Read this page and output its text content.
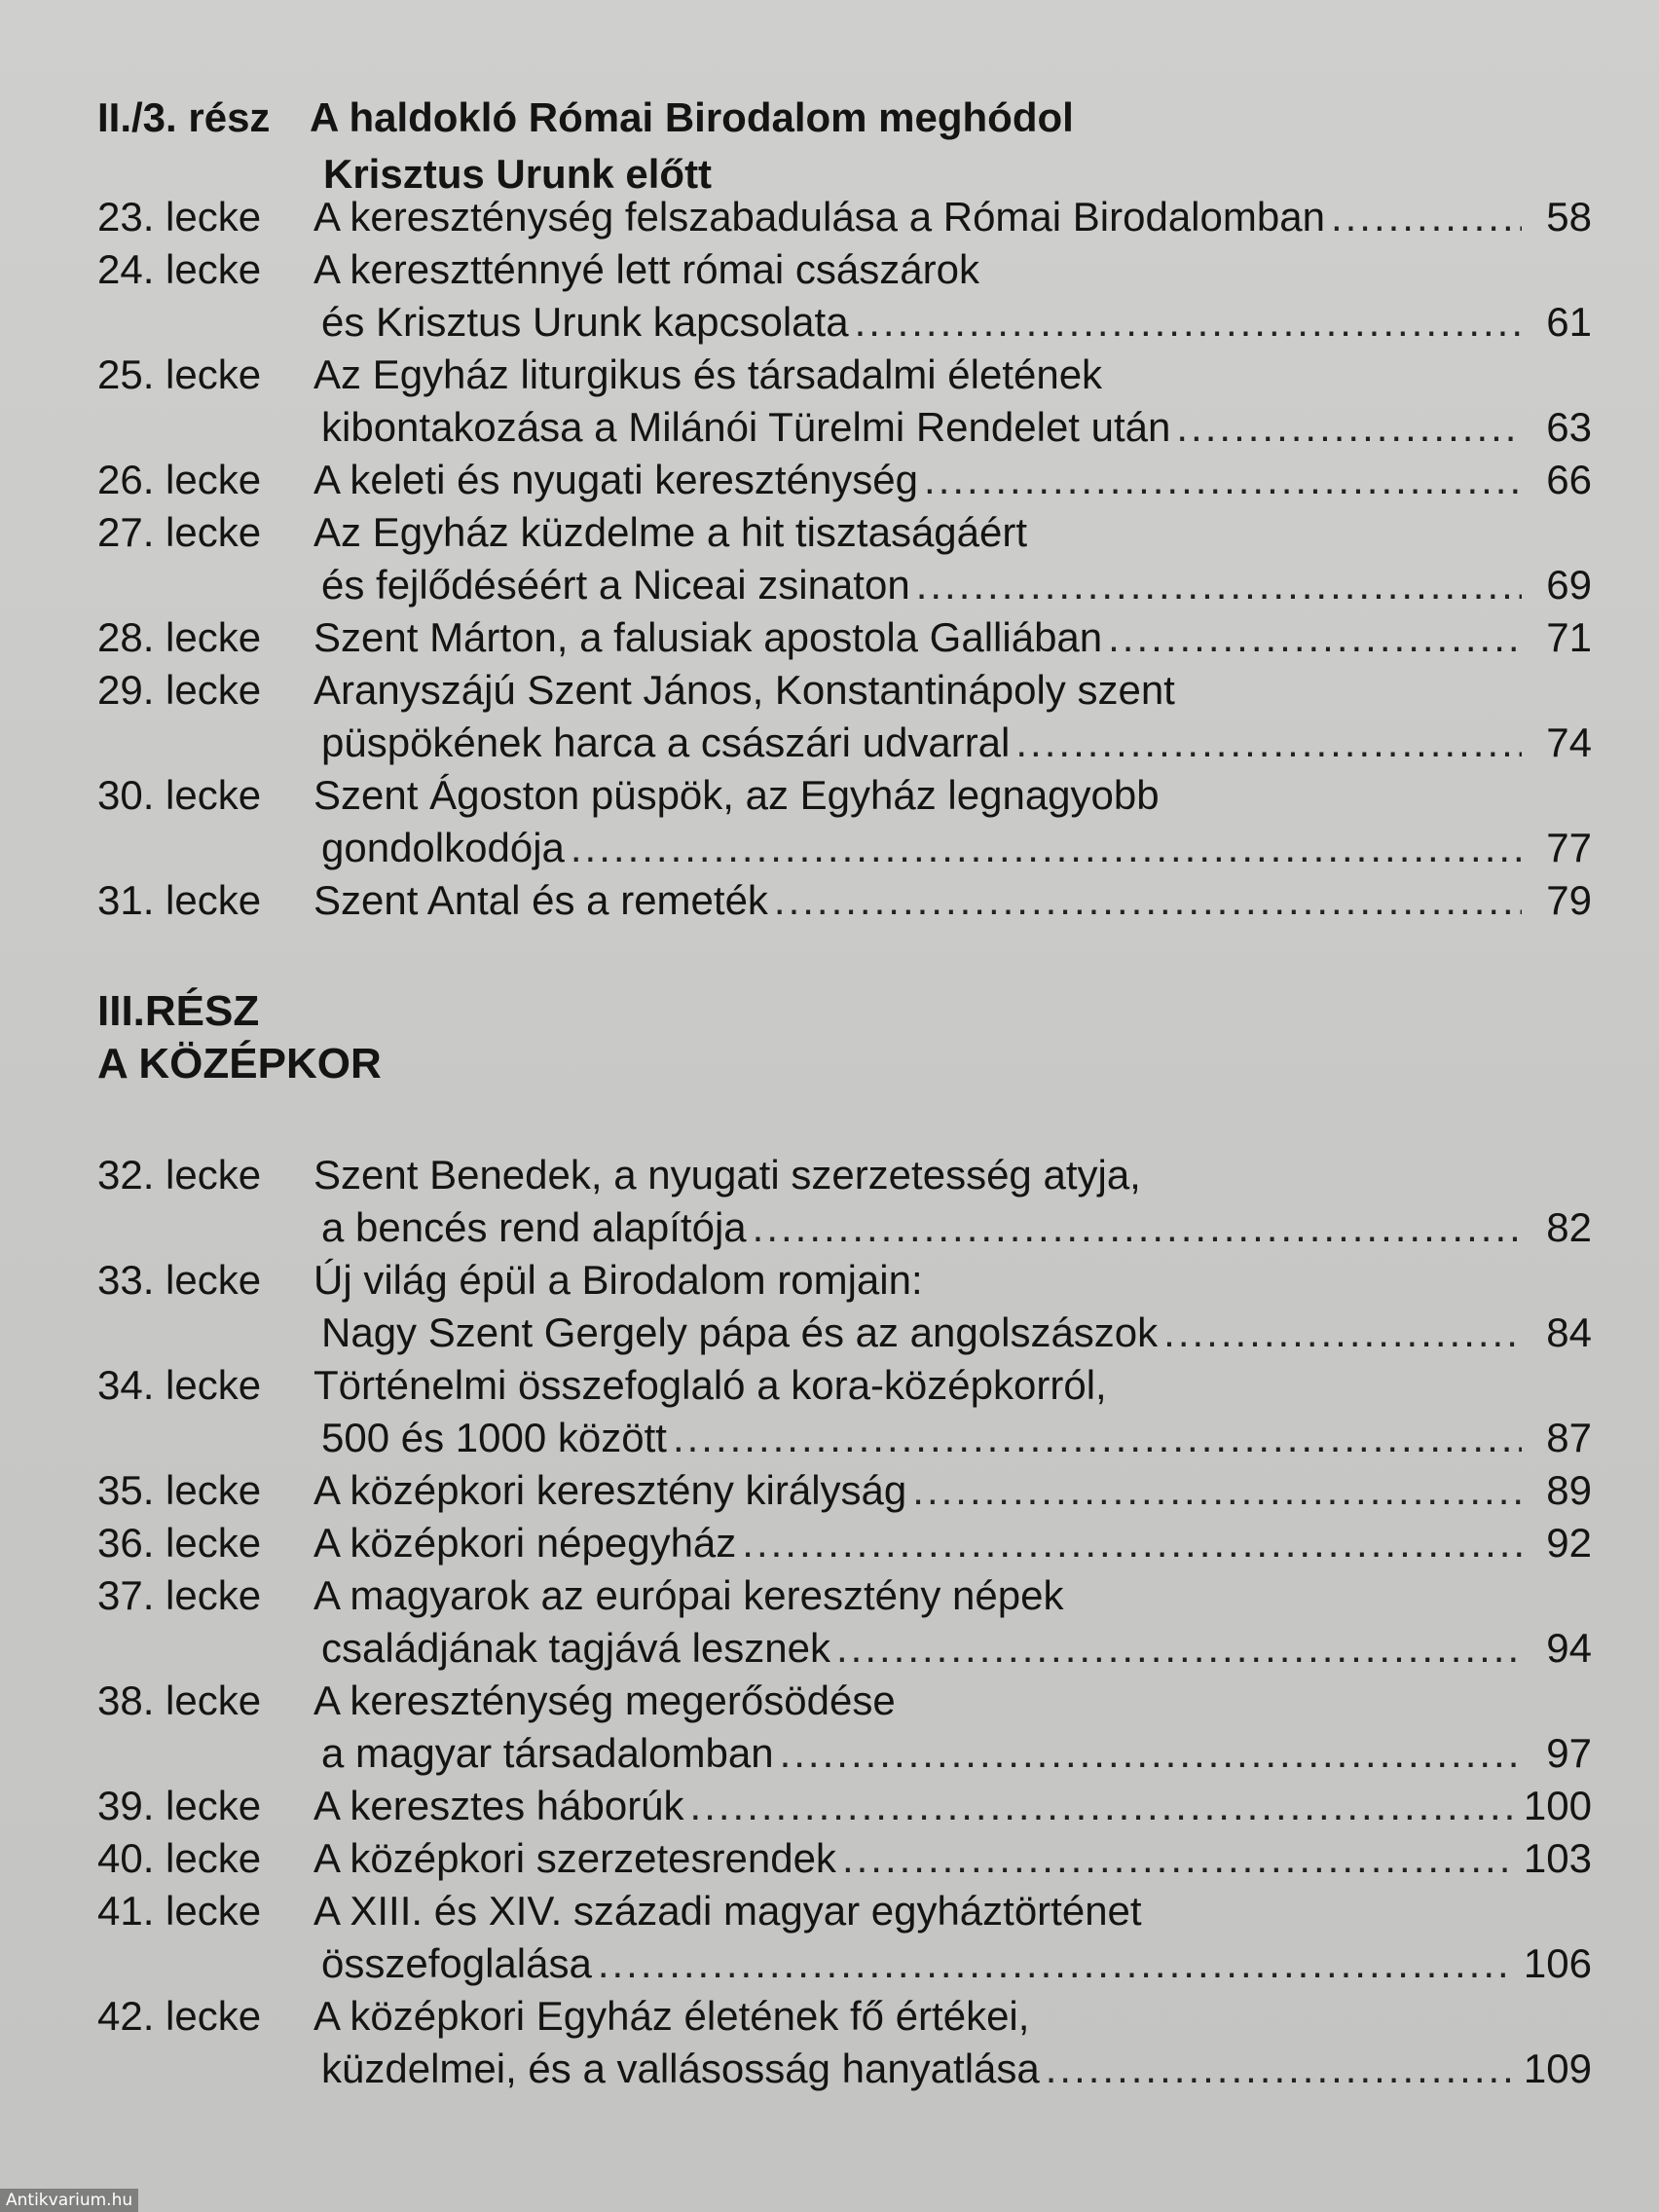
II./3. rész A haldokló Római Birodalom meghódol
Krisztus Urunk előtt
23. lecke	A kereszténység felszabadulása a Római Birodalomban .....	58
24. lecke	A keresztténnyé lett római császárok
és Krisztus Urunk kapcsolata .....	61
25. lecke	Az Egyház liturgikus és társadalmi életének
kibontakozása a Milánói Türelmi Rendelet után .....	63
26. lecke	A keleti és nyugati kereszténység .....	66
27. lecke	Az Egyház küzdelme a hit tisztaságáért
és fejlődéséért a Niceai zsinaton .....	69
28. lecke	Szent Márton, a falusiak apostola Galliában .....	71
29. lecke	Aranyszájú Szent János, Konstantinápoly szent
püspökének harca a császári udvarral .....	74
30. lecke	Szent Ágoston püspök, az Egyház legnagyobb
gondolkodója .....	77
31. lecke	Szent Antal és a remeték .....	79
III.RÉSZ
A KÖZÉPKOR
32. lecke	Szent Benedek, a nyugati szerzetesség atyja,
a bencés rend alapítója .....	82
33. lecke	Új világ épül a Birodalom romjain:
Nagy Szent Gergely pápa és az angolszászok .....	84
34. lecke	Történelmi összefoglaló a kora-középkorról,
500 és 1000 között .....	87
35. lecke	A középkori keresztény királyság .....	89
36. lecke	A középkori népegyház .....	92
37. lecke	A magyarok az európai keresztény népek
családjának tagjává lesznek .....	94
38. lecke	A kereszténység megerősödése
a magyar társadalomban .....	97
39. lecke	A keresztes háborúk .....	100
40. lecke	A középkori szerzetesrendek .....	103
41. lecke	A XIII. és XIV. századi magyar egyháztörténet
összefoglalása .....	106
42. lecke	A középkori Egyház életének fő értékei,
küzdelmei, és a vallásosság hanyatlása .....	109
Antikvarium.hu
